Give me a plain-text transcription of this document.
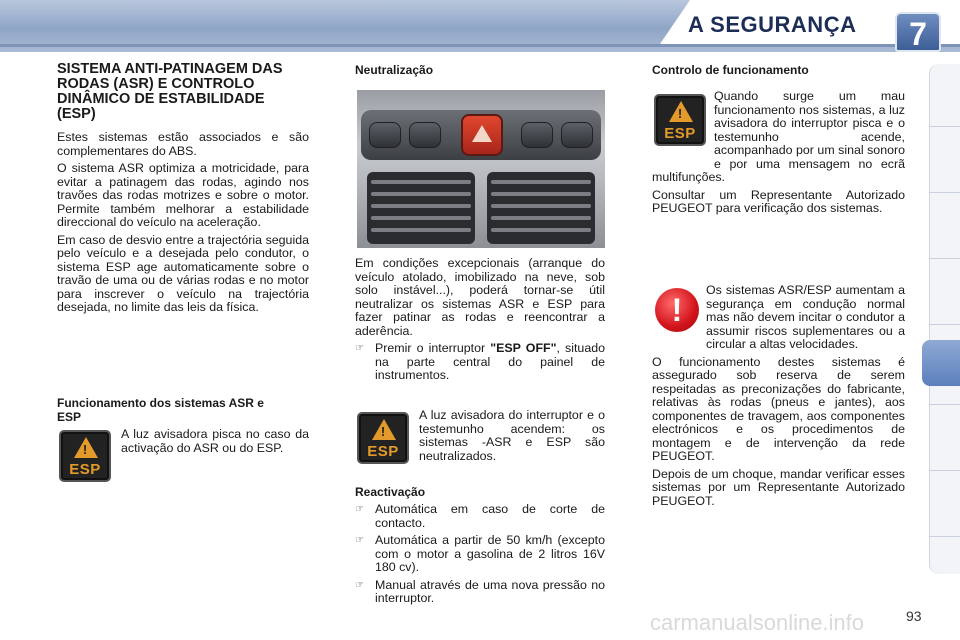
A SEGURANÇA	7
SISTEMA ANTI-PATINAGEM DAS RODAS (ASR) E CONTROLO DINÂMICO DE ESTABILIDADE (ESP)
Estes sistemas estão associados e são complementares do ABS.
O sistema ASR optimiza a motricidade, para evitar a patinagem das rodas, agindo nos travões das rodas motrizes e sobre o motor. Permite também melhorar a estabilidade direccional do veículo na aceleração.
Em caso de desvio entre a trajectória seguida pelo veículo e a desejada pelo condutor, o sistema ESP age automaticamente sobre o travão de uma ou de várias rodas e no motor para inscrever o veículo na trajectória desejada, no limite das leis da física.
Funcionamento dos sistemas ASR e ESP
!
ESP
A luz avisadora pisca no caso da activação do ASR ou do ESP.
Neutralização
Em condições excepcionais (arranque do veículo atolado, imobilizado na neve, sob solo instável...), poderá tornar-se útil neutralizar os sistemas ASR e ESP para fazer patinar as rodas e reencontrar a aderência.
☞ Premir o interruptor "ESP OFF", situado na parte central do painel de instrumentos.
!
ESP
A luz avisadora do interruptor e o testemunho acendem: os sistemas -ASR e ESP são neutralizados.
Reactivação
☞ Automática em caso de corte de contacto.
☞ Automática a partir de 50 km/h (excepto com o motor a gasolina de 2 litros 16V 180 cv).
☞ Manual através de uma nova pressão no interruptor.
Controlo de funcionamento
!
ESP
Quando surge um mau funcionamento nos sistemas, a luz avisadora do interruptor pisca e o testemunho acende, acompanhado por um sinal sonoro e por uma mensagem no ecrã multifunções.
Consultar um Representante Autorizado PEUGEOT para verificação dos sistemas.
!
Os sistemas ASR/ESP aumentam a segurança em condução normal mas não devem incitar o condutor a assumir riscos suplementares ou a circular a altas velocidades.
O funcionamento destes sistemas é assegurado sob reserva de serem respeitadas as preconizações do fabricante, relativas às rodas (pneus e jantes), aos componentes de travagem, aos componentes electrónicos e os procedimentos de montagem e de intervenção da rede PEUGEOT.
Depois de um choque, mandar verificar esses sistemas por um Representante Autorizado PEUGEOT.
carmanualsonline.info	93
